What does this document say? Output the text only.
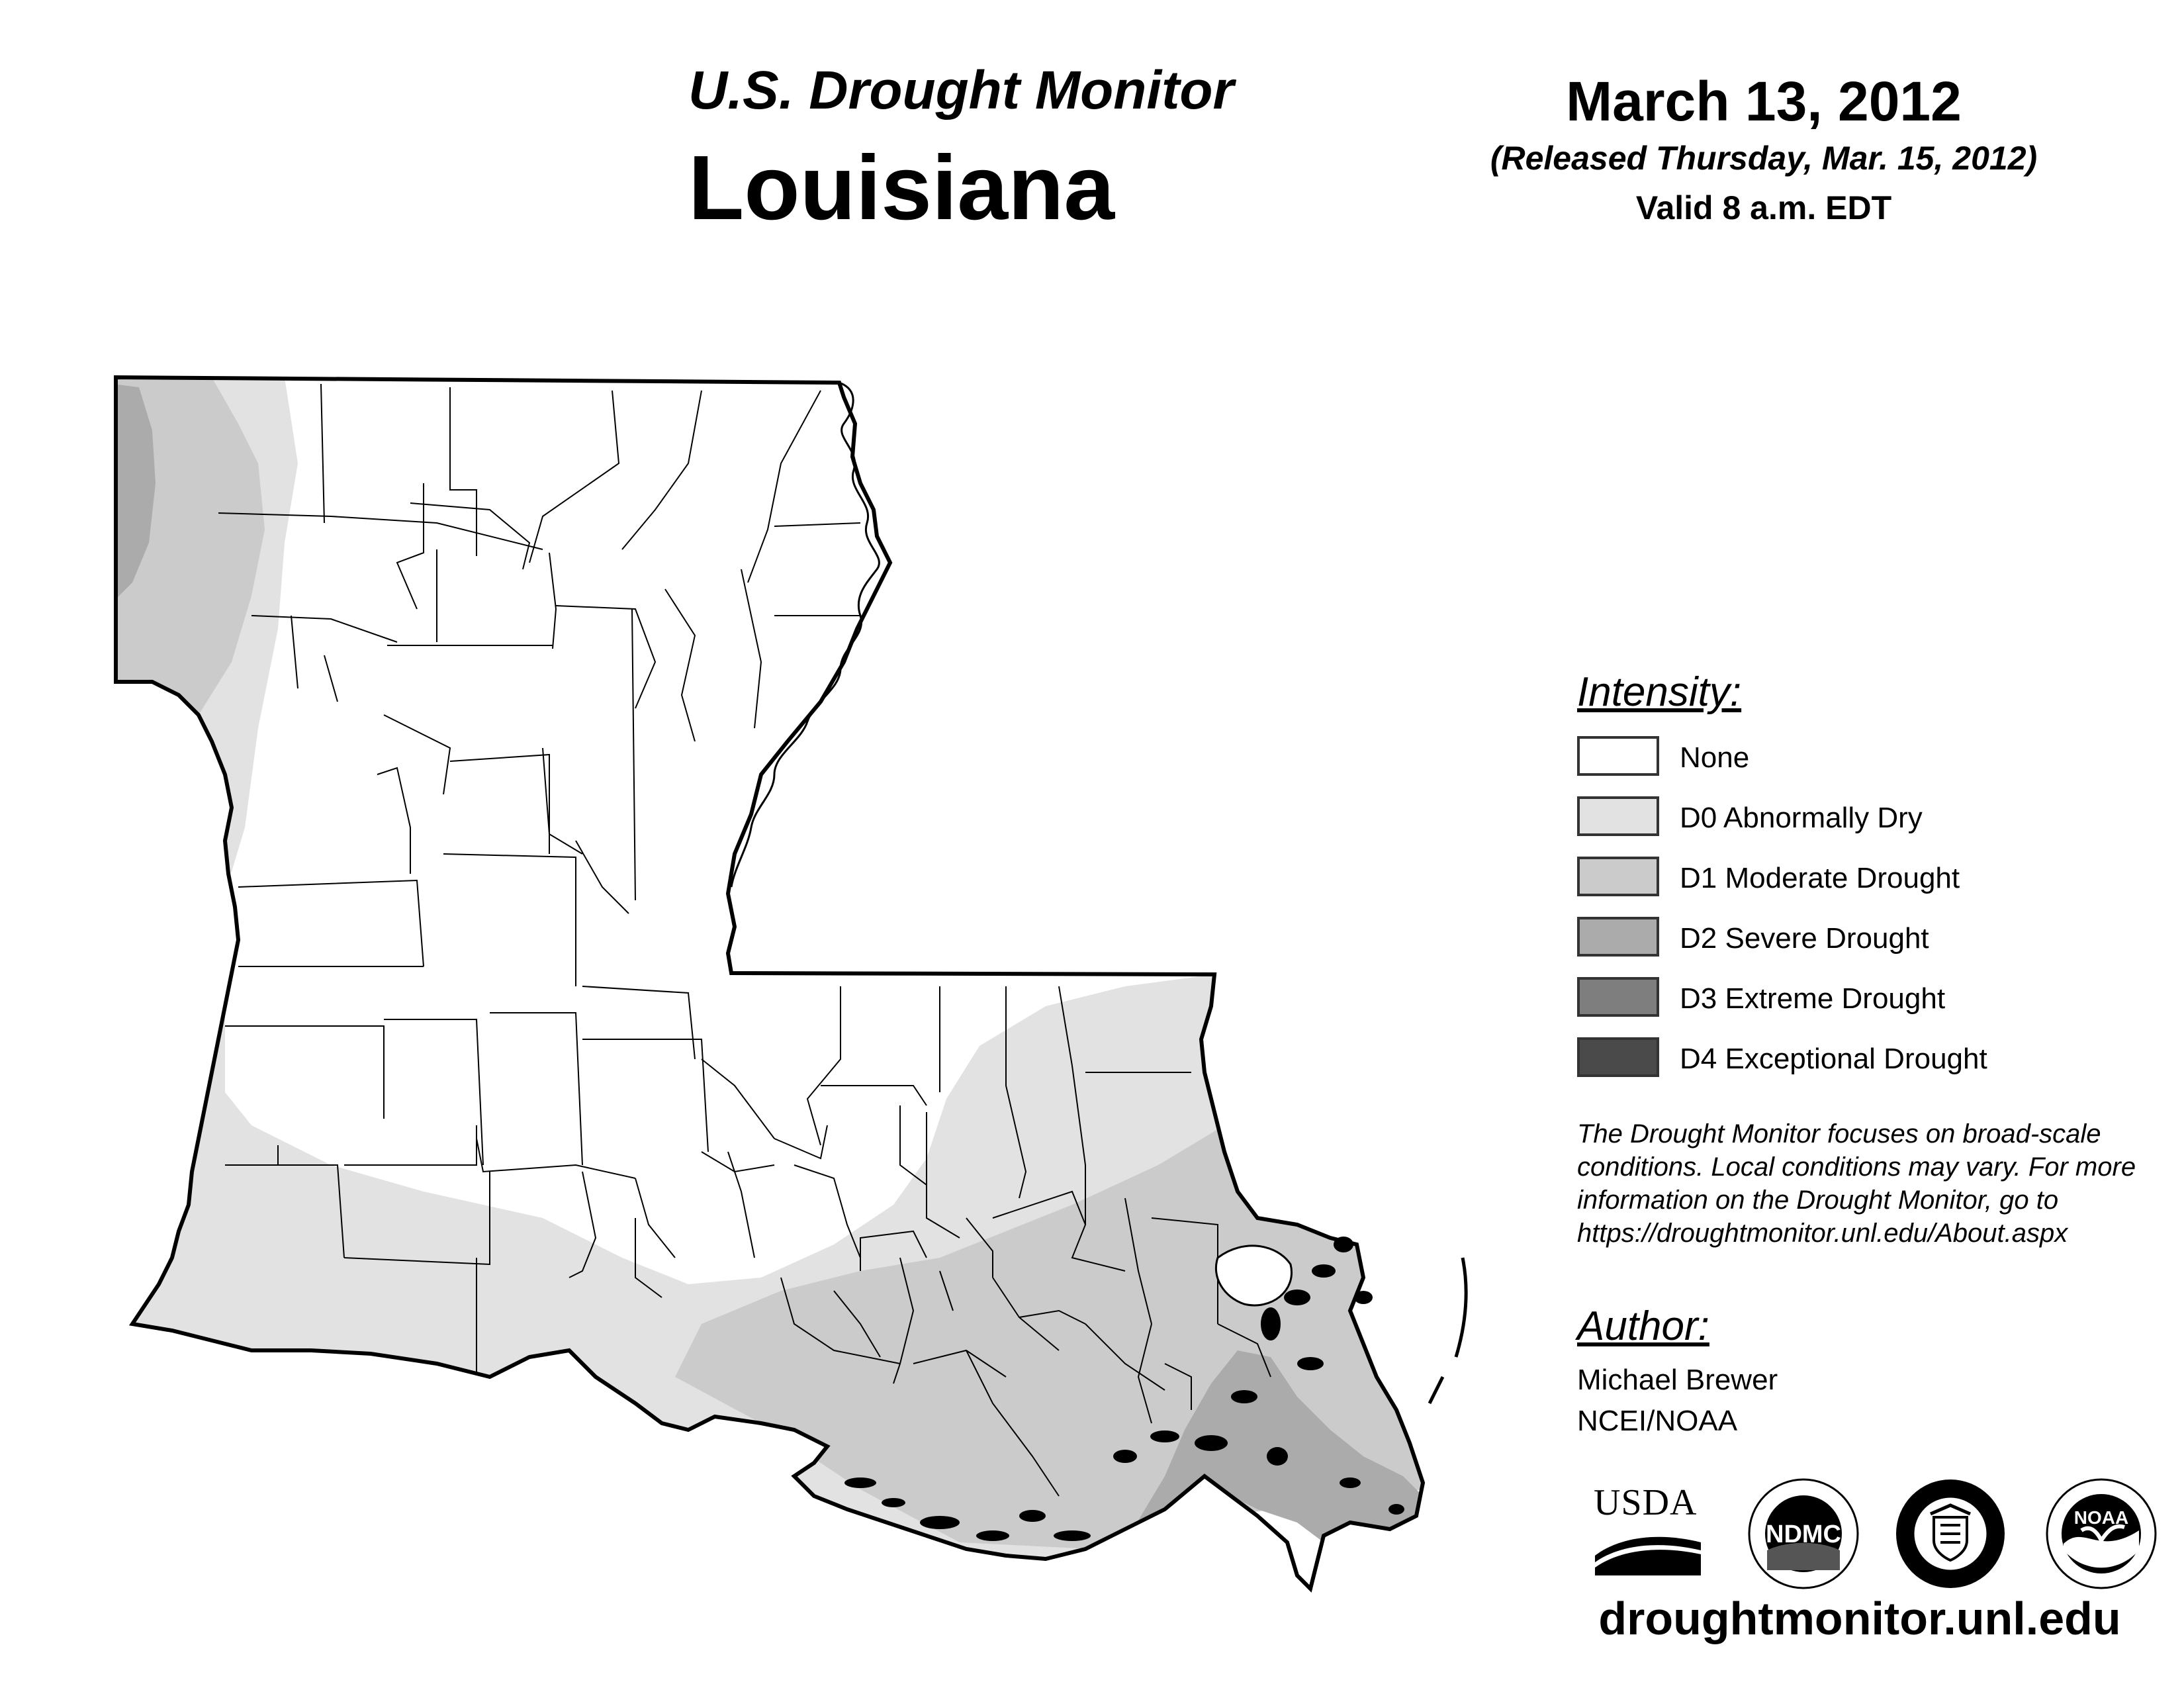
U.S. Drought Monitor
Louisiana
March 13, 2012
(Released Thursday, Mar. 15, 2012)
Valid 8 a.m. EDT
Intensity:
None
D0 Abnormally Dry
D1 Moderate Drought
D2 Severe Drought
D3 Extreme Drought
D4 Exceptional Drought
The Drought Monitor focuses on broad-scale conditions. Local conditions may vary. For more information on the Drought Monitor, go to https://droughtmonitor.unl.edu/About.aspx
Author:
Michael Brewer
NCEI/NOAA
USDA
NDMC
NOAA
droughtmonitor.unl.edu
